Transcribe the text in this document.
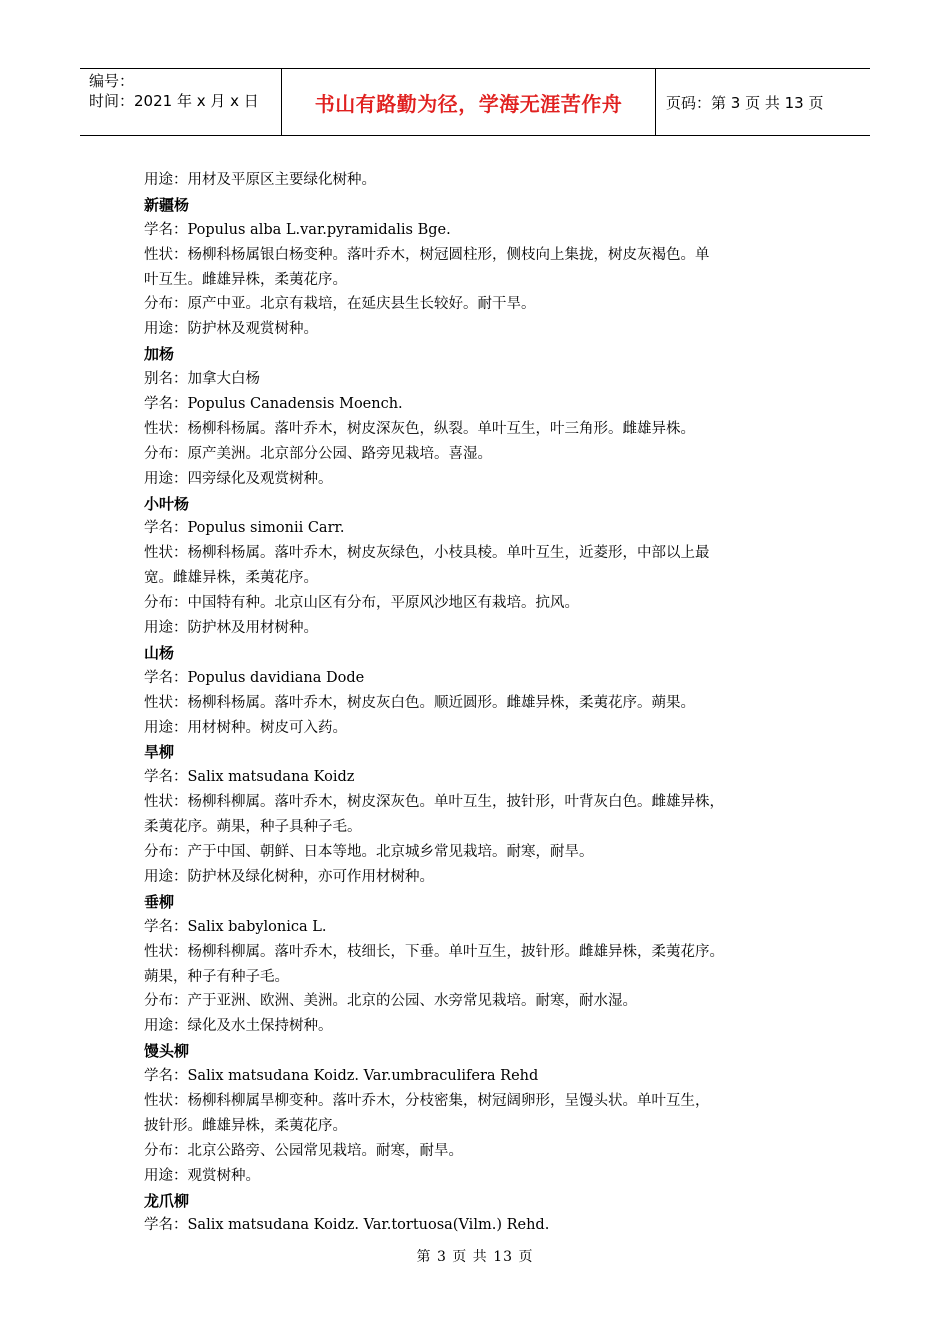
编号：
时间：2021 年 x 月 x 日	书山有路勤为径，学海无涯苦作舟	页码：第 3 页 共 13 页
用途：用材及平原区主要绿化树种。
新疆杨
学名：Populus alba L.var.pyramidalis Bge.
性状：杨柳科杨属银白杨变种。落叶乔木，树冠圆柱形，侧枝向上集拢，树皮灰褐色。单
叶互生。雌雄异株，柔荑花序。
分布：原产中亚。北京有栽培，在延庆县生长较好。耐干旱。
用途：防护林及观赏树种。
加杨
别名：加拿大白杨
学名：Populus Canadensis Moench.
性状：杨柳科杨属。落叶乔木，树皮深灰色，纵裂。单叶互生，叶三角形。雌雄异株。
分布：原产美洲。北京部分公园、路旁见栽培。喜湿。
用途：四旁绿化及观赏树种。
小叶杨
学名：Populus simonii Carr.
性状：杨柳科杨属。落叶乔木，树皮灰绿色，小枝具棱。单叶互生，近菱形，中部以上最
宽。雌雄异株，柔荑花序。
分布：中国特有种。北京山区有分布，平原风沙地区有栽培。抗风。
用途：防护林及用材树种。
山杨
学名：Populus davidiana Dode
性状：杨柳科杨属。落叶乔木，树皮灰白色。顺近圆形。雌雄异株，柔荑花序。蒴果。
用途：用材树种。树皮可入药。
旱柳
学名：Salix matsudana Koidz
性状：杨柳科柳属。落叶乔木，树皮深灰色。单叶互生，披针形，叶背灰白色。雌雄异株，
柔荑花序。蒴果，种子具种子毛。
分布：产于中国、朝鲜、日本等地。北京城乡常见栽培。耐寒，耐旱。
用途：防护林及绿化树种，亦可作用材树种。
垂柳
学名：Salix babylonica L.
性状：杨柳科柳属。落叶乔木，枝细长，下垂。单叶互生，披针形。雌雄异株，柔荑花序。
蒴果，种子有种子毛。
分布：产于亚洲、欧洲、美洲。北京的公园、水旁常见栽培。耐寒，耐水湿。
用途：绿化及水土保持树种。
馒头柳
学名：Salix matsudana Koidz. Var.umbraculifera Rehd
性状：杨柳科柳属旱柳变种。落叶乔木，分枝密集，树冠阔卵形，呈馒头状。单叶互生，
披针形。雌雄异株，柔荑花序。
分布：北京公路旁、公园常见栽培。耐寒，耐旱。
用途：观赏树种。
龙爪柳
学名：Salix matsudana Koidz. Var.tortuosa(Vilm.) Rehd.
第 3 页 共 13 页
